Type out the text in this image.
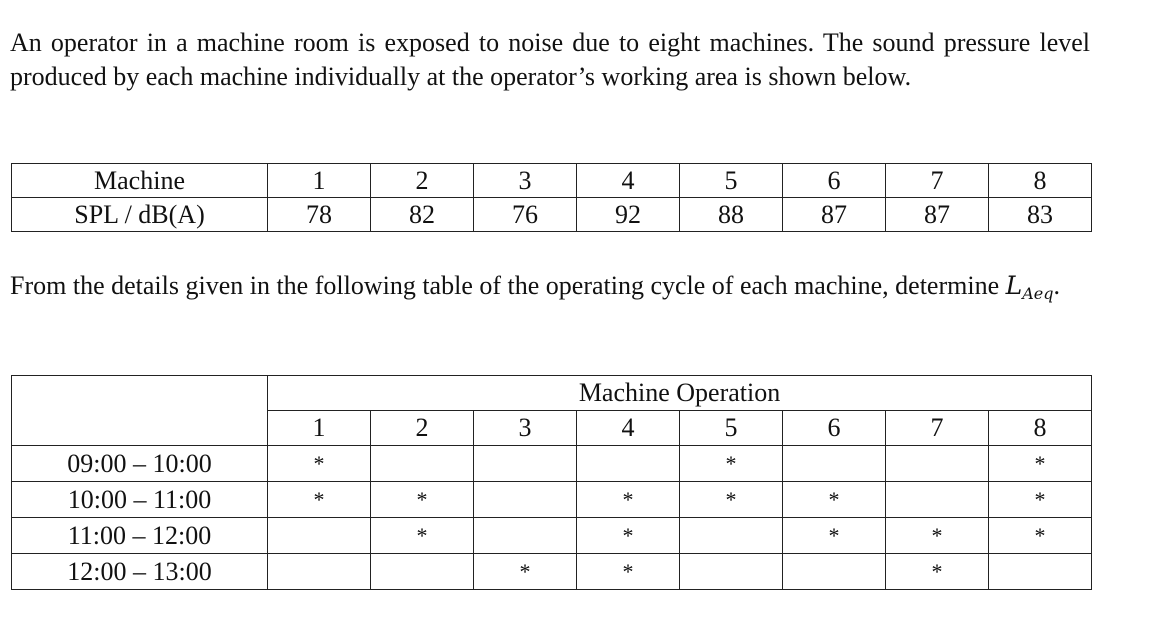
An operator in a machine room is exposed to noise due to eight machines. The sound pressure level produced by each machine individually at the operator’s working area is shown below.

Machine	1	2	3	4	5	6	7	8
SPL / dB(A)	78	82	76	92	88	87	87	83

From the details given in the following table of the operating cycle of each machine, determine $L_{Aeq}$.

	Machine Operation							
	1	2	3	4	5	6	7	8
09:00 – 10:00	*				*			*
10:00 – 11:00	*	*		*	*	*		*
11:00 – 12:00		*		*		*	*	*
12:00 – 13:00			*	*			*	
